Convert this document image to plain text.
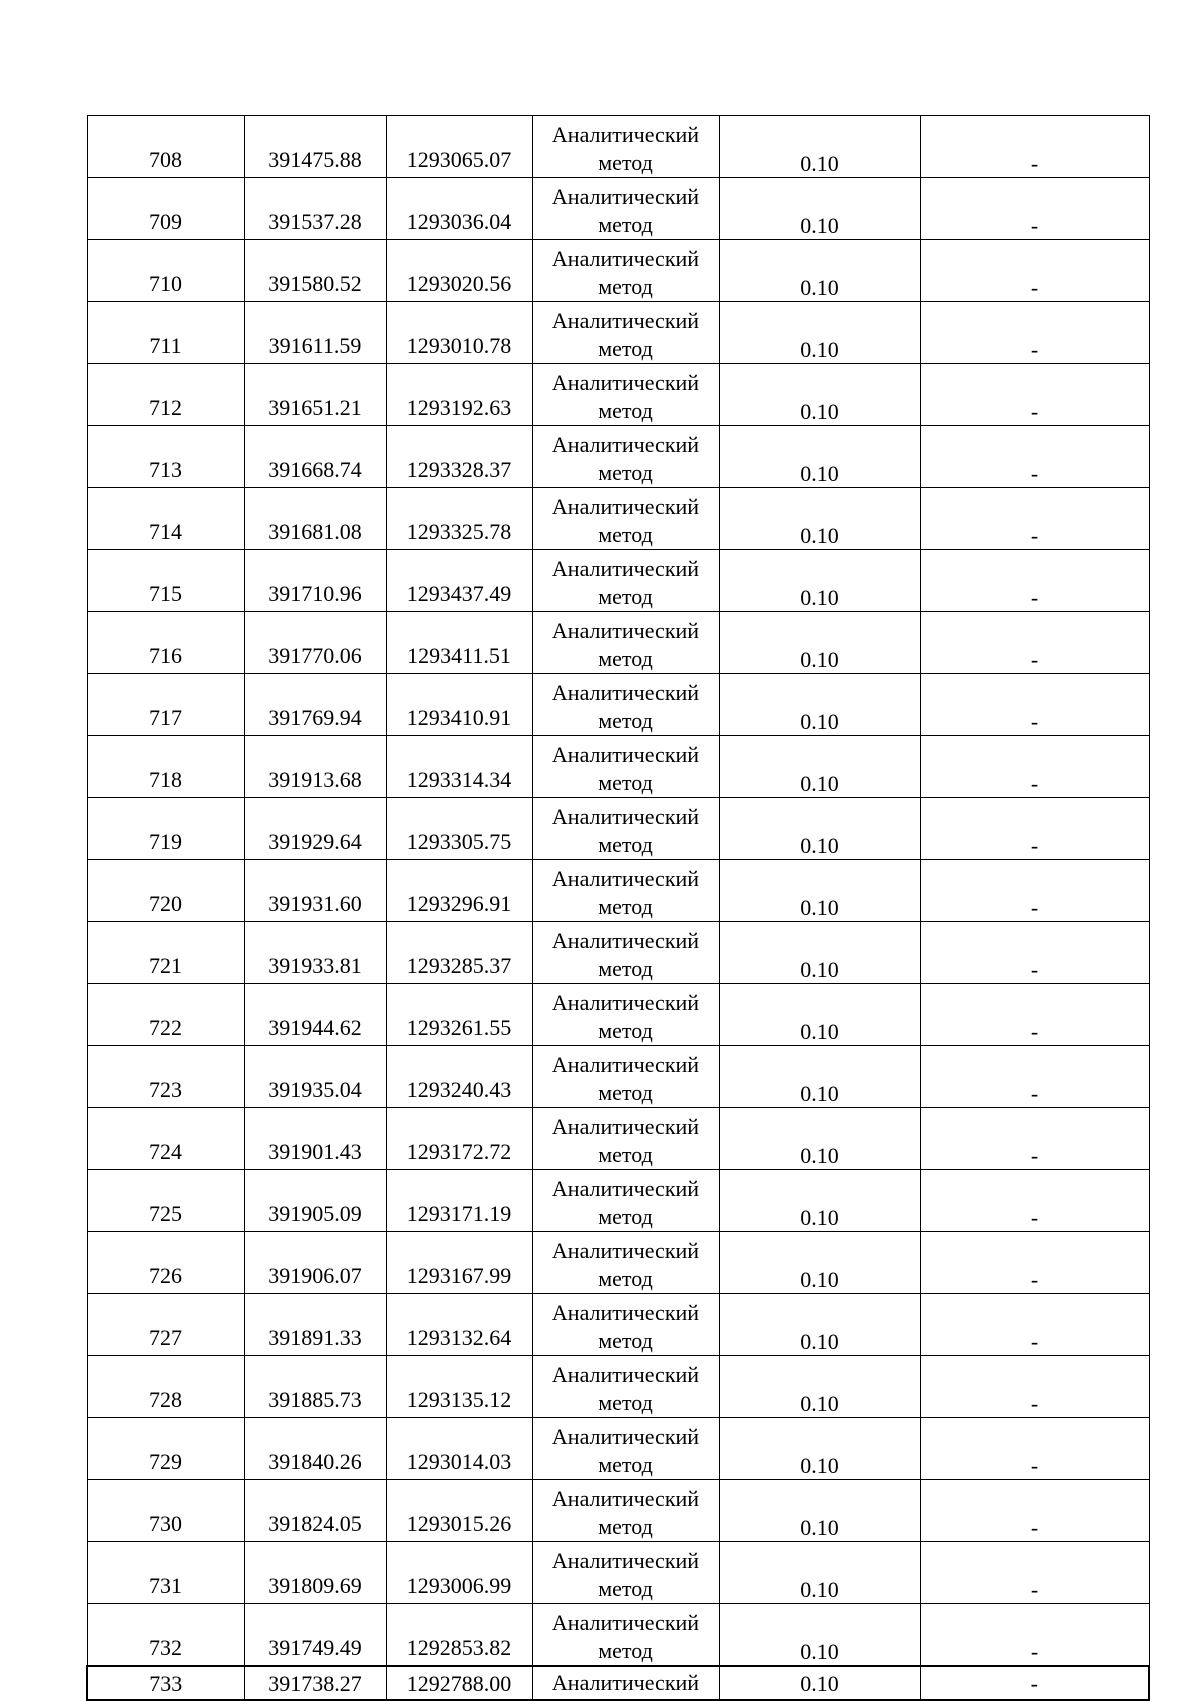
708	391475.88	1293065.07	Аналитический
метод	0.10	-
709	391537.28	1293036.04	Аналитический
метод	0.10	-
710	391580.52	1293020.56	Аналитический
метод	0.10	-
711	391611.59	1293010.78	Аналитический
метод	0.10	-
712	391651.21	1293192.63	Аналитический
метод	0.10	-
713	391668.74	1293328.37	Аналитический
метод	0.10	-
714	391681.08	1293325.78	Аналитический
метод	0.10	-
715	391710.96	1293437.49	Аналитический
метод	0.10	-
716	391770.06	1293411.51	Аналитический
метод	0.10	-
717	391769.94	1293410.91	Аналитический
метод	0.10	-
718	391913.68	1293314.34	Аналитический
метод	0.10	-
719	391929.64	1293305.75	Аналитический
метод	0.10	-
720	391931.60	1293296.91	Аналитический
метод	0.10	-
721	391933.81	1293285.37	Аналитический
метод	0.10	-
722	391944.62	1293261.55	Аналитический
метод	0.10	-
723	391935.04	1293240.43	Аналитический
метод	0.10	-
724	391901.43	1293172.72	Аналитический
метод	0.10	-
725	391905.09	1293171.19	Аналитический
метод	0.10	-
726	391906.07	1293167.99	Аналитический
метод	0.10	-
727	391891.33	1293132.64	Аналитический
метод	0.10	-
728	391885.73	1293135.12	Аналитический
метод	0.10	-
729	391840.26	1293014.03	Аналитический
метод	0.10	-
730	391824.05	1293015.26	Аналитический
метод	0.10	-
731	391809.69	1293006.99	Аналитический
метод	0.10	-
732	391749.49	1292853.82	Аналитический
метод	0.10	-
733	391738.27	1292788.00	Аналитический	0.10	-
